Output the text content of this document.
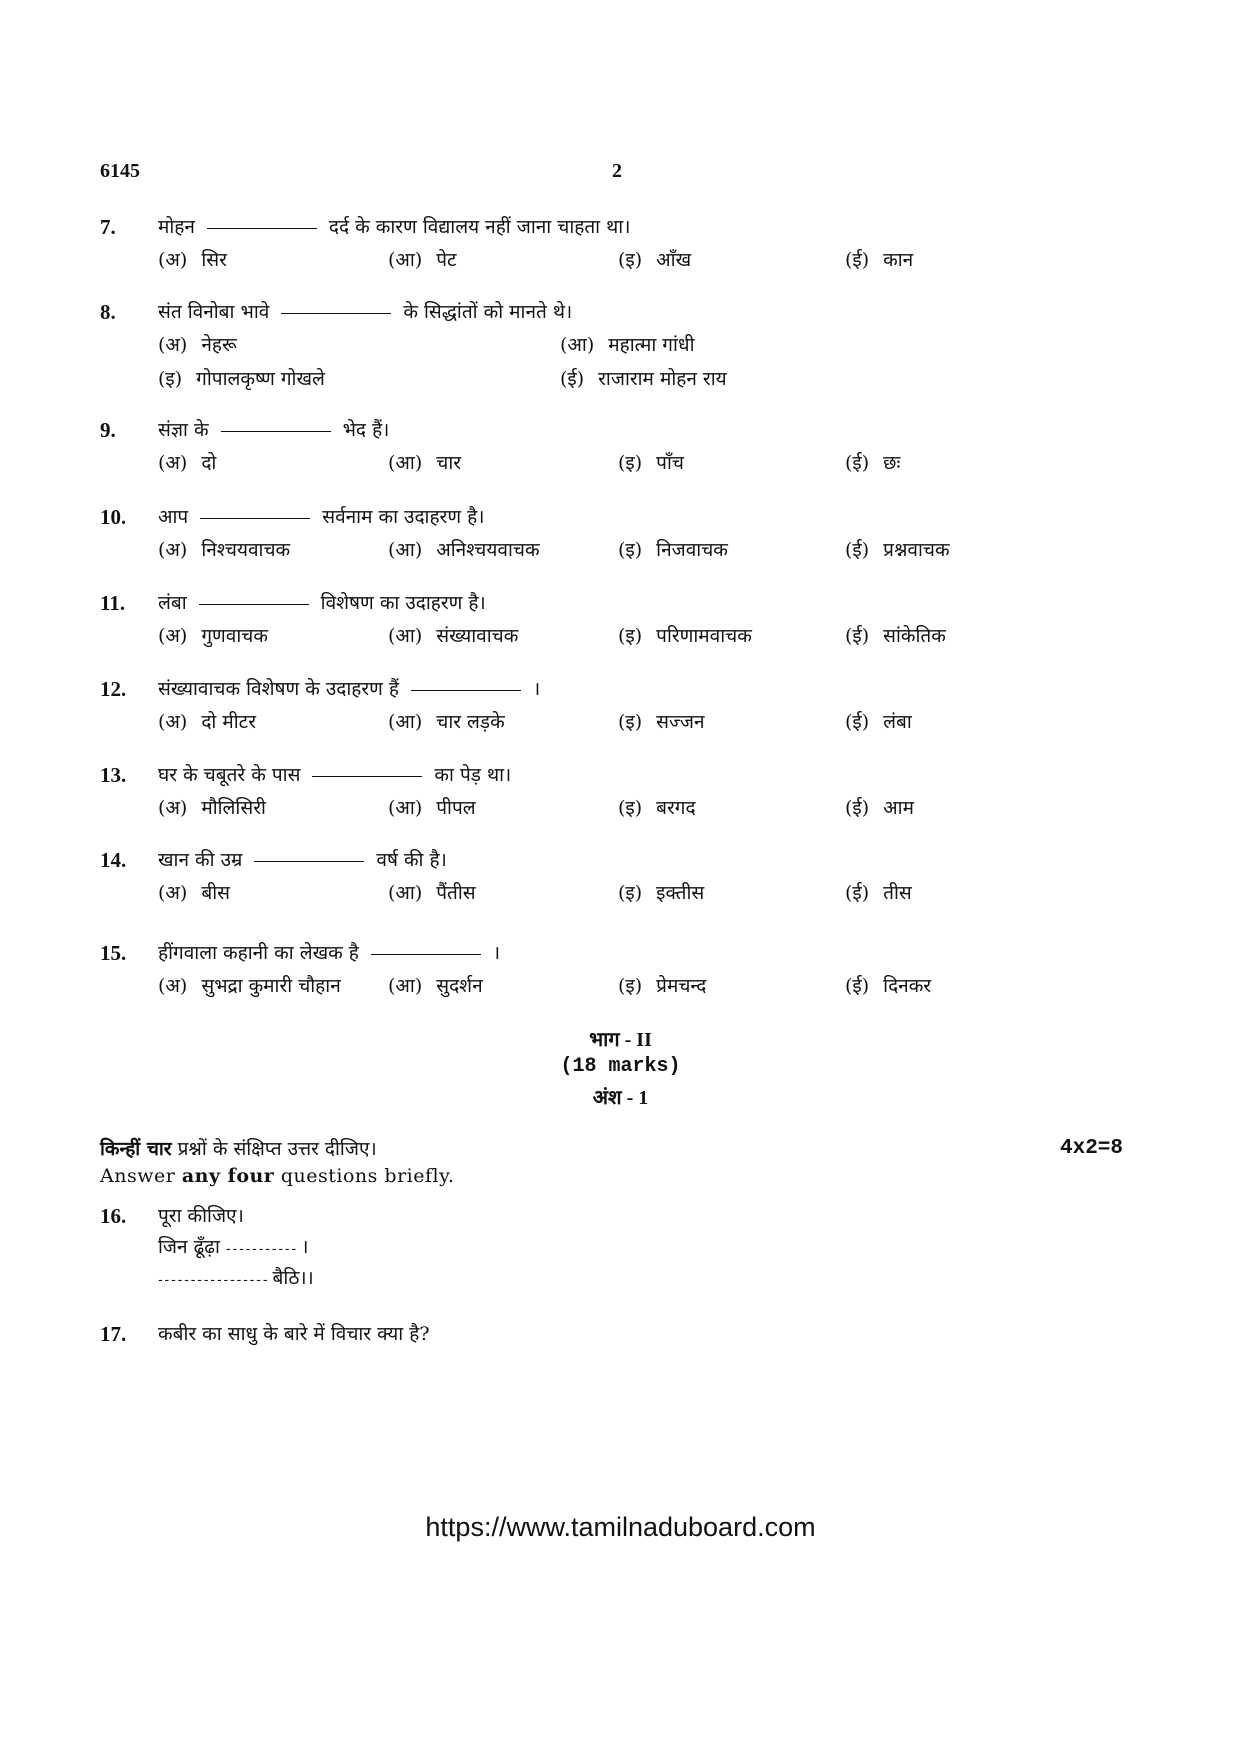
6145	2
7. मोहन	दर्द के कारण विद्यालय नहीं जाना चाहता था।
(अ) सिर	(आ) पेट	(इ) आँख	(ई) कान
8. संत विनोबा भावे	के सिद्धांतों को मानते थे।
(अ) नेहरू	(आ) महात्मा गांधी
(इ) गोपालकृष्ण गोखले	(ई) राजाराम मोहन राय
9. संज्ञा के	भेद हैं।
(अ) दो	(आ) चार	(इ) पाँच	(ई) छः
10. आप	सर्वनाम का उदाहरण है।
(अ) निश्चयवाचक	(आ) अनिश्चयवाचक	(इ) निजवाचक	(ई) प्रश्नवाचक
11. लंबा	विशेषण का उदाहरण है।
(अ) गुणवाचक	(आ) संख्यावाचक	(इ) परिणामवाचक	(ई) सांकेतिक
12. संख्यावाचक विशेषण के उदाहरण हैं	।
(अ) दो मीटर	(आ) चार लड़के	(इ) सज्जन	(ई) लंबा
13. घर के चबूतरे के पास	का पेड़ था।
(अ) मौलिसिरी	(आ) पीपल	(इ) बरगद	(ई) आम
14. खान की उम्र	वर्ष की है।
(अ) बीस	(आ) पैंतीस	(इ) इक्तीस	(ई) तीस
15. हींगवाला कहानी का लेखक है	।
(अ) सुभद्रा कुमारी चौहान (आ) सुदर्शन	(इ) प्रेमचन्द	(ई) दिनकर
भाग - II
(18 marks)
अंश - 1
किन्हीं चार प्रश्नों के संक्षिप्त उत्तर दीजिए।
Answer any four questions briefly.
4x2=8
16. पूरा कीजिए।
जिन ढूँढ़ा - - - - - - - - - - - ।
- - - - - - - - - - - - - - - - - बैठि।।
17. कबीर का साधु के बारे में विचार क्या है?
https://www.tamilnaduboard.com
